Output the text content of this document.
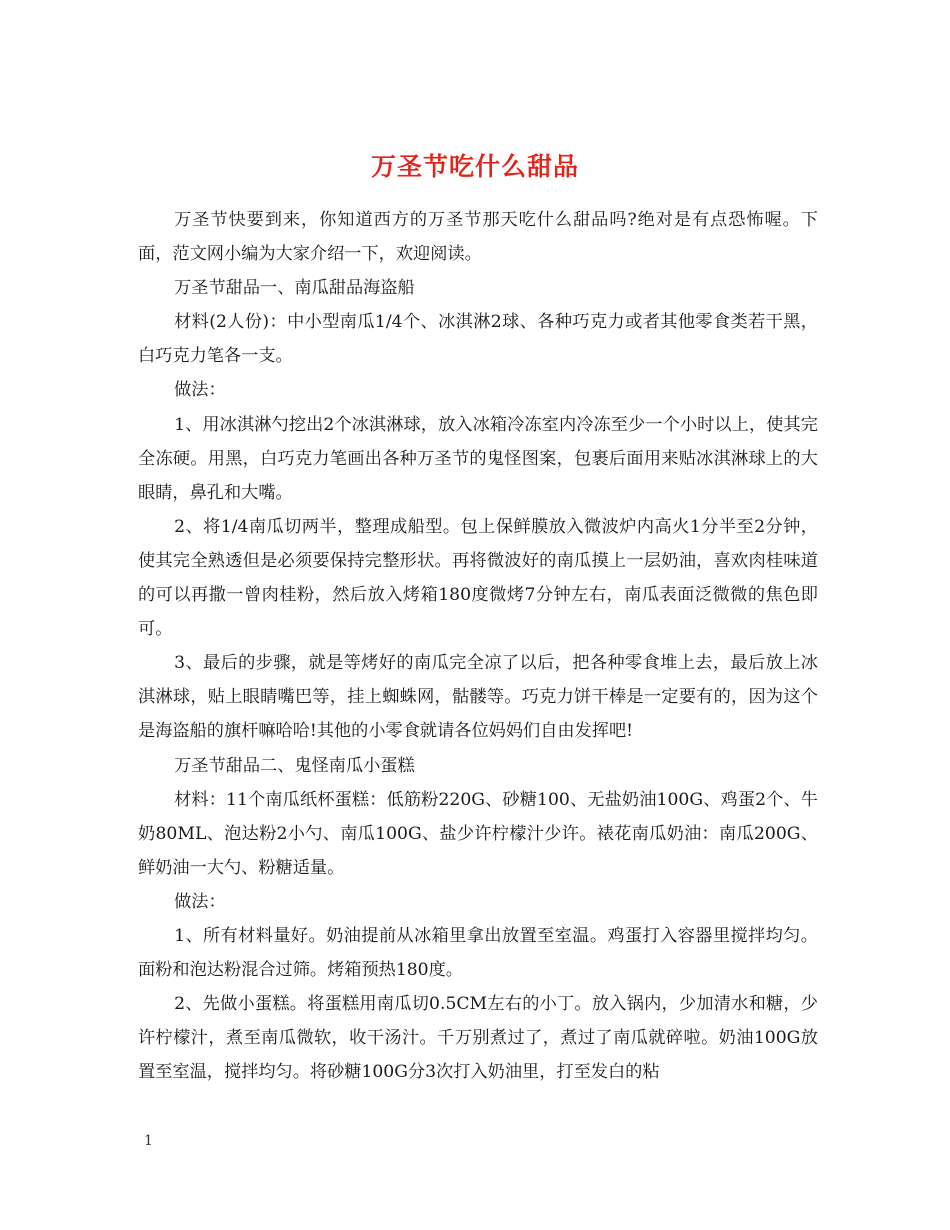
万圣节吃什么甜品

万圣节快要到来，你知道西方的万圣节那天吃什么甜品吗?绝对是有点恐怖喔。下面，范文网小编为大家介绍一下，欢迎阅读。

万圣节甜品一、南瓜甜品海盗船

材料(2人份)：中小型南瓜1/4个、冰淇淋2球、各种巧克力或者其他零食类若干黑，白巧克力笔各一支。

做法：

1、用冰淇淋勺挖出2个冰淇淋球，放入冰箱冷冻室内冷冻至少一个小时以上，使其完全冻硬。用黑，白巧克力笔画出各种万圣节的鬼怪图案，包裹后面用来贴冰淇淋球上的大眼睛，鼻孔和大嘴。

2、将1/4南瓜切两半，整理成船型。包上保鲜膜放入微波炉内高火1分半至2分钟，使其完全熟透但是必须要保持完整形状。再将微波好的南瓜摸上一层奶油，喜欢肉桂味道的可以再撒一曾肉桂粉，然后放入烤箱180度微烤7分钟左右，南瓜表面泛微微的焦色即可。

3、最后的步骤，就是等烤好的南瓜完全凉了以后，把各种零食堆上去，最后放上冰淇淋球，贴上眼睛嘴巴等，挂上蜘蛛网，骷髅等。巧克力饼干棒是一定要有的，因为这个是海盗船的旗杆嘛哈哈!其他的小零食就请各位妈妈们自由发挥吧!

万圣节甜品二、鬼怪南瓜小蛋糕

材料：11个南瓜纸杯蛋糕：低筋粉220G、砂糖100、无盐奶油100G、鸡蛋2个、牛奶80ML、泡达粉2小勺、南瓜100G、盐少许柠檬汁少许。裱花南瓜奶油：南瓜200G、鲜奶油一大勺、粉糖适量。

做法：

1、所有材料量好。奶油提前从冰箱里拿出放置至室温。鸡蛋打入容器里搅拌均匀。面粉和泡达粉混合过筛。烤箱预热180度。

2、先做小蛋糕。将蛋糕用南瓜切0.5CM左右的小丁。放入锅内，少加清水和糖，少许柠檬汁，煮至南瓜微软，收干汤汁。千万别煮过了，煮过了南瓜就碎啦。奶油100G放置至室温，搅拌均匀。将砂糖100G分3次打入奶油里，打至发白的粘

1
